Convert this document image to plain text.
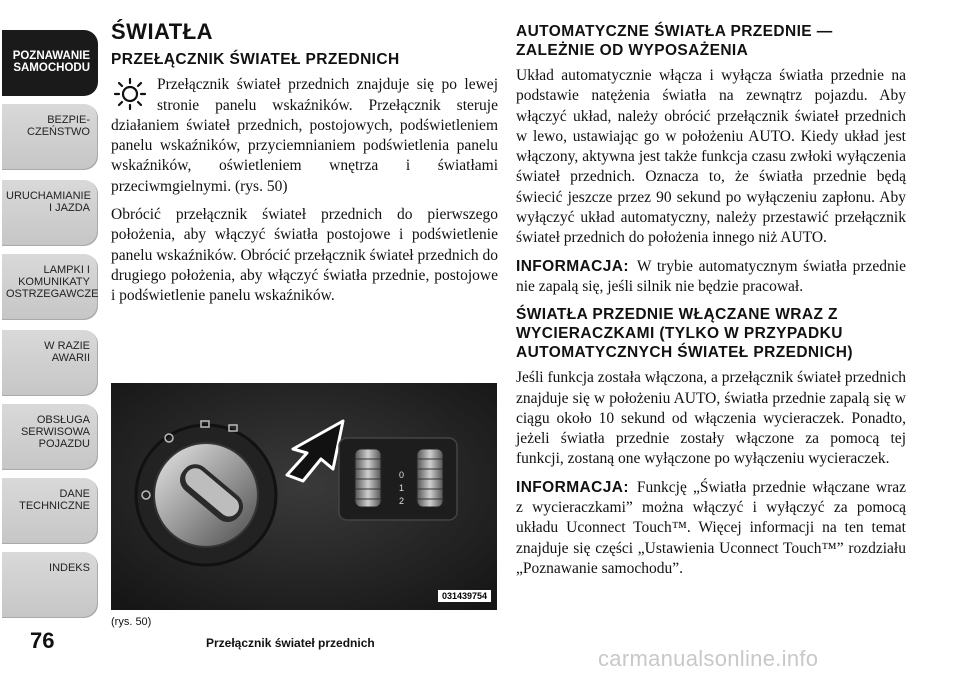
POZNAWANIE
SAMOCHODU
BEZPIE-
CZEŃSTWO
URUCHAMIANIE
I JAZDA
LAMPKI I
KOMUNIKATY
OSTRZEGAWCZE
W RAZIE
AWARII
OBSŁUGA
SERWISOWA
POJAZDU
DANE
TECHNICZNE
INDEKS
76
ŚWIATŁA
PRZEŁĄCZNIK ŚWIATEŁ PRZEDNICH

Przełącznik świateł przednich znajduje się po lewej stronie panelu wskaźników. Przełącznik steruje działaniem świateł przednich, postojowych, podświetleniem panelu wskaźników, przyciemnianiem podświetlenia panelu wskaźników, oświetleniem wnętrza i światłami przeciwmgielnymi. (rys. 50)

Obrócić przełącznik świateł przednich do pierwszego położenia, aby włączyć światła postojowe i podświetlenie panelu wskaźników. Obrócić przełącznik świateł przednich do drugiego położenia, aby włączyć światła przednie, postojowe i podświetlenie panelu wskaźników.

0
1
2
031439754
(rys. 50)
Przełącznik świateł przednich
AUTOMATYCZNE ŚWIATŁA PRZEDNIE — ZALEŻNIE OD WYPOSAŻENIA

Układ automatycznie włącza i wyłącza światła przednie na podstawie natężenia światła na zewnątrz pojazdu. Aby włączyć układ, należy obrócić przełącznik świateł przednich w lewo, ustawiając go w położeniu AUTO. Kiedy układ jest włączony, aktywna jest także funkcja czasu zwłoki wyłączenia świateł przednich. Oznacza to, że światła przednie będą świecić jeszcze przez 90 sekund po wyłączeniu zapłonu. Aby wyłączyć układ automatyczny, należy przestawić przełącznik świateł przednich do położenia innego niż AUTO.

INFORMACJA: W trybie automatycznym światła przednie nie zapalą się, jeśli silnik nie będzie pracował.

ŚWIATŁA PRZEDNIE WŁĄCZANE WRAZ Z WYCIERACZKAMI (TYLKO W PRZYPADKU AUTOMATYCZNYCH ŚWIATEŁ PRZEDNICH)

Jeśli funkcja została włączona, a przełącznik świateł przednich znajduje się w położeniu AUTO, światła przednie zapalą się w ciągu około 10 sekund od włączenia wycieraczek. Ponadto, jeżeli światła przednie zostały włączone za pomocą tej funkcji, zostaną one wyłączone po wyłączeniu wycieraczek.

INFORMACJA: Funkcję „Światła przednie włączane wraz z wycieraczkami” można włączyć i wyłączyć za pomocą układu Uconnect Touch™. Więcej informacji na ten temat znajduje się części „Ustawienia Uconnect Touch™” rozdziału „Poznawanie samochodu”.

carmanualsonline.info
